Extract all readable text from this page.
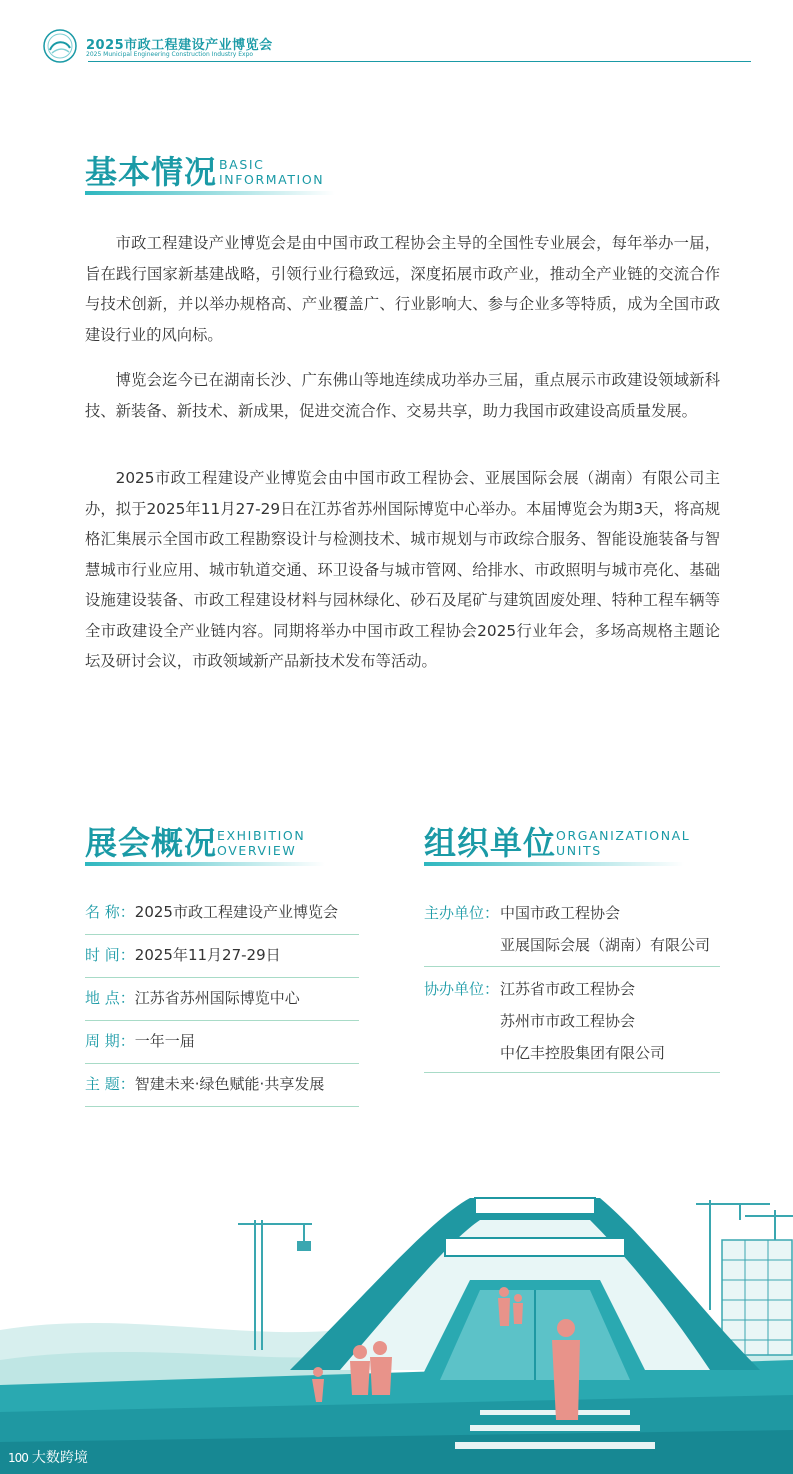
2025市政工程建设产业博览会
2025 Municipal Engineering Construction Industry Expo
基本情况 BASIC
INFORMATION

市政工程建设产业博览会是由中国市政工程协会主导的全国性专业展会，每年举办一届，旨在践行国家新基建战略，引领行业行稳致远，深度拓展市政产业，推动全产业链的交流合作与技术创新，并以举办规格高、产业覆盖广、行业影响大、参与企业多等特质，成为全国市政建设行业的风向标。

博览会迄今已在湖南长沙、广东佛山等地连续成功举办三届，重点展示市政建设领域新科技、新装备、新技术、新成果，促进交流合作、交易共享，助力我国市政建设高质量发展。

2025市政工程建设产业博览会由中国市政工程协会、亚展国际会展（湖南）有限公司主办，拟于2025年11月27-29日在江苏省苏州国际博览中心举办。本届博览会为期3天，将高规格汇集展示全国市政工程勘察设计与检测技术、城市规划与市政综合服务、智能设施装备与智慧城市行业应用、城市轨道交通、环卫设备与城市管网、给排水、市政照明与城市亮化、基础设施建设装备、市政工程建设材料与园林绿化、砂石及尾矿与建筑固废处理、特种工程车辆等全市政建设全产业链内容。同期将举办中国市政工程协会2025行业年会，多场高规格主题论坛及研讨会议，市政领域新产品新技术发布等活动。

展会概况 EXHIBITION
OVERVIEW
名 称：2025市政工程建设产业博览会
时 间：2025年11月27-29日
地 点：江苏省苏州国际博览中心
周 期：一年一届
主 题：智建未来·绿色赋能·共享发展
组织单位 ORGANIZATIONAL
UNITS
主办单位： 中国市政工程协会
亚展国际会展（湖南）有限公司
协办单位： 江苏省市政工程协会
苏州市市政工程协会
中亿丰控股集团有限公司
100 大数跨境
